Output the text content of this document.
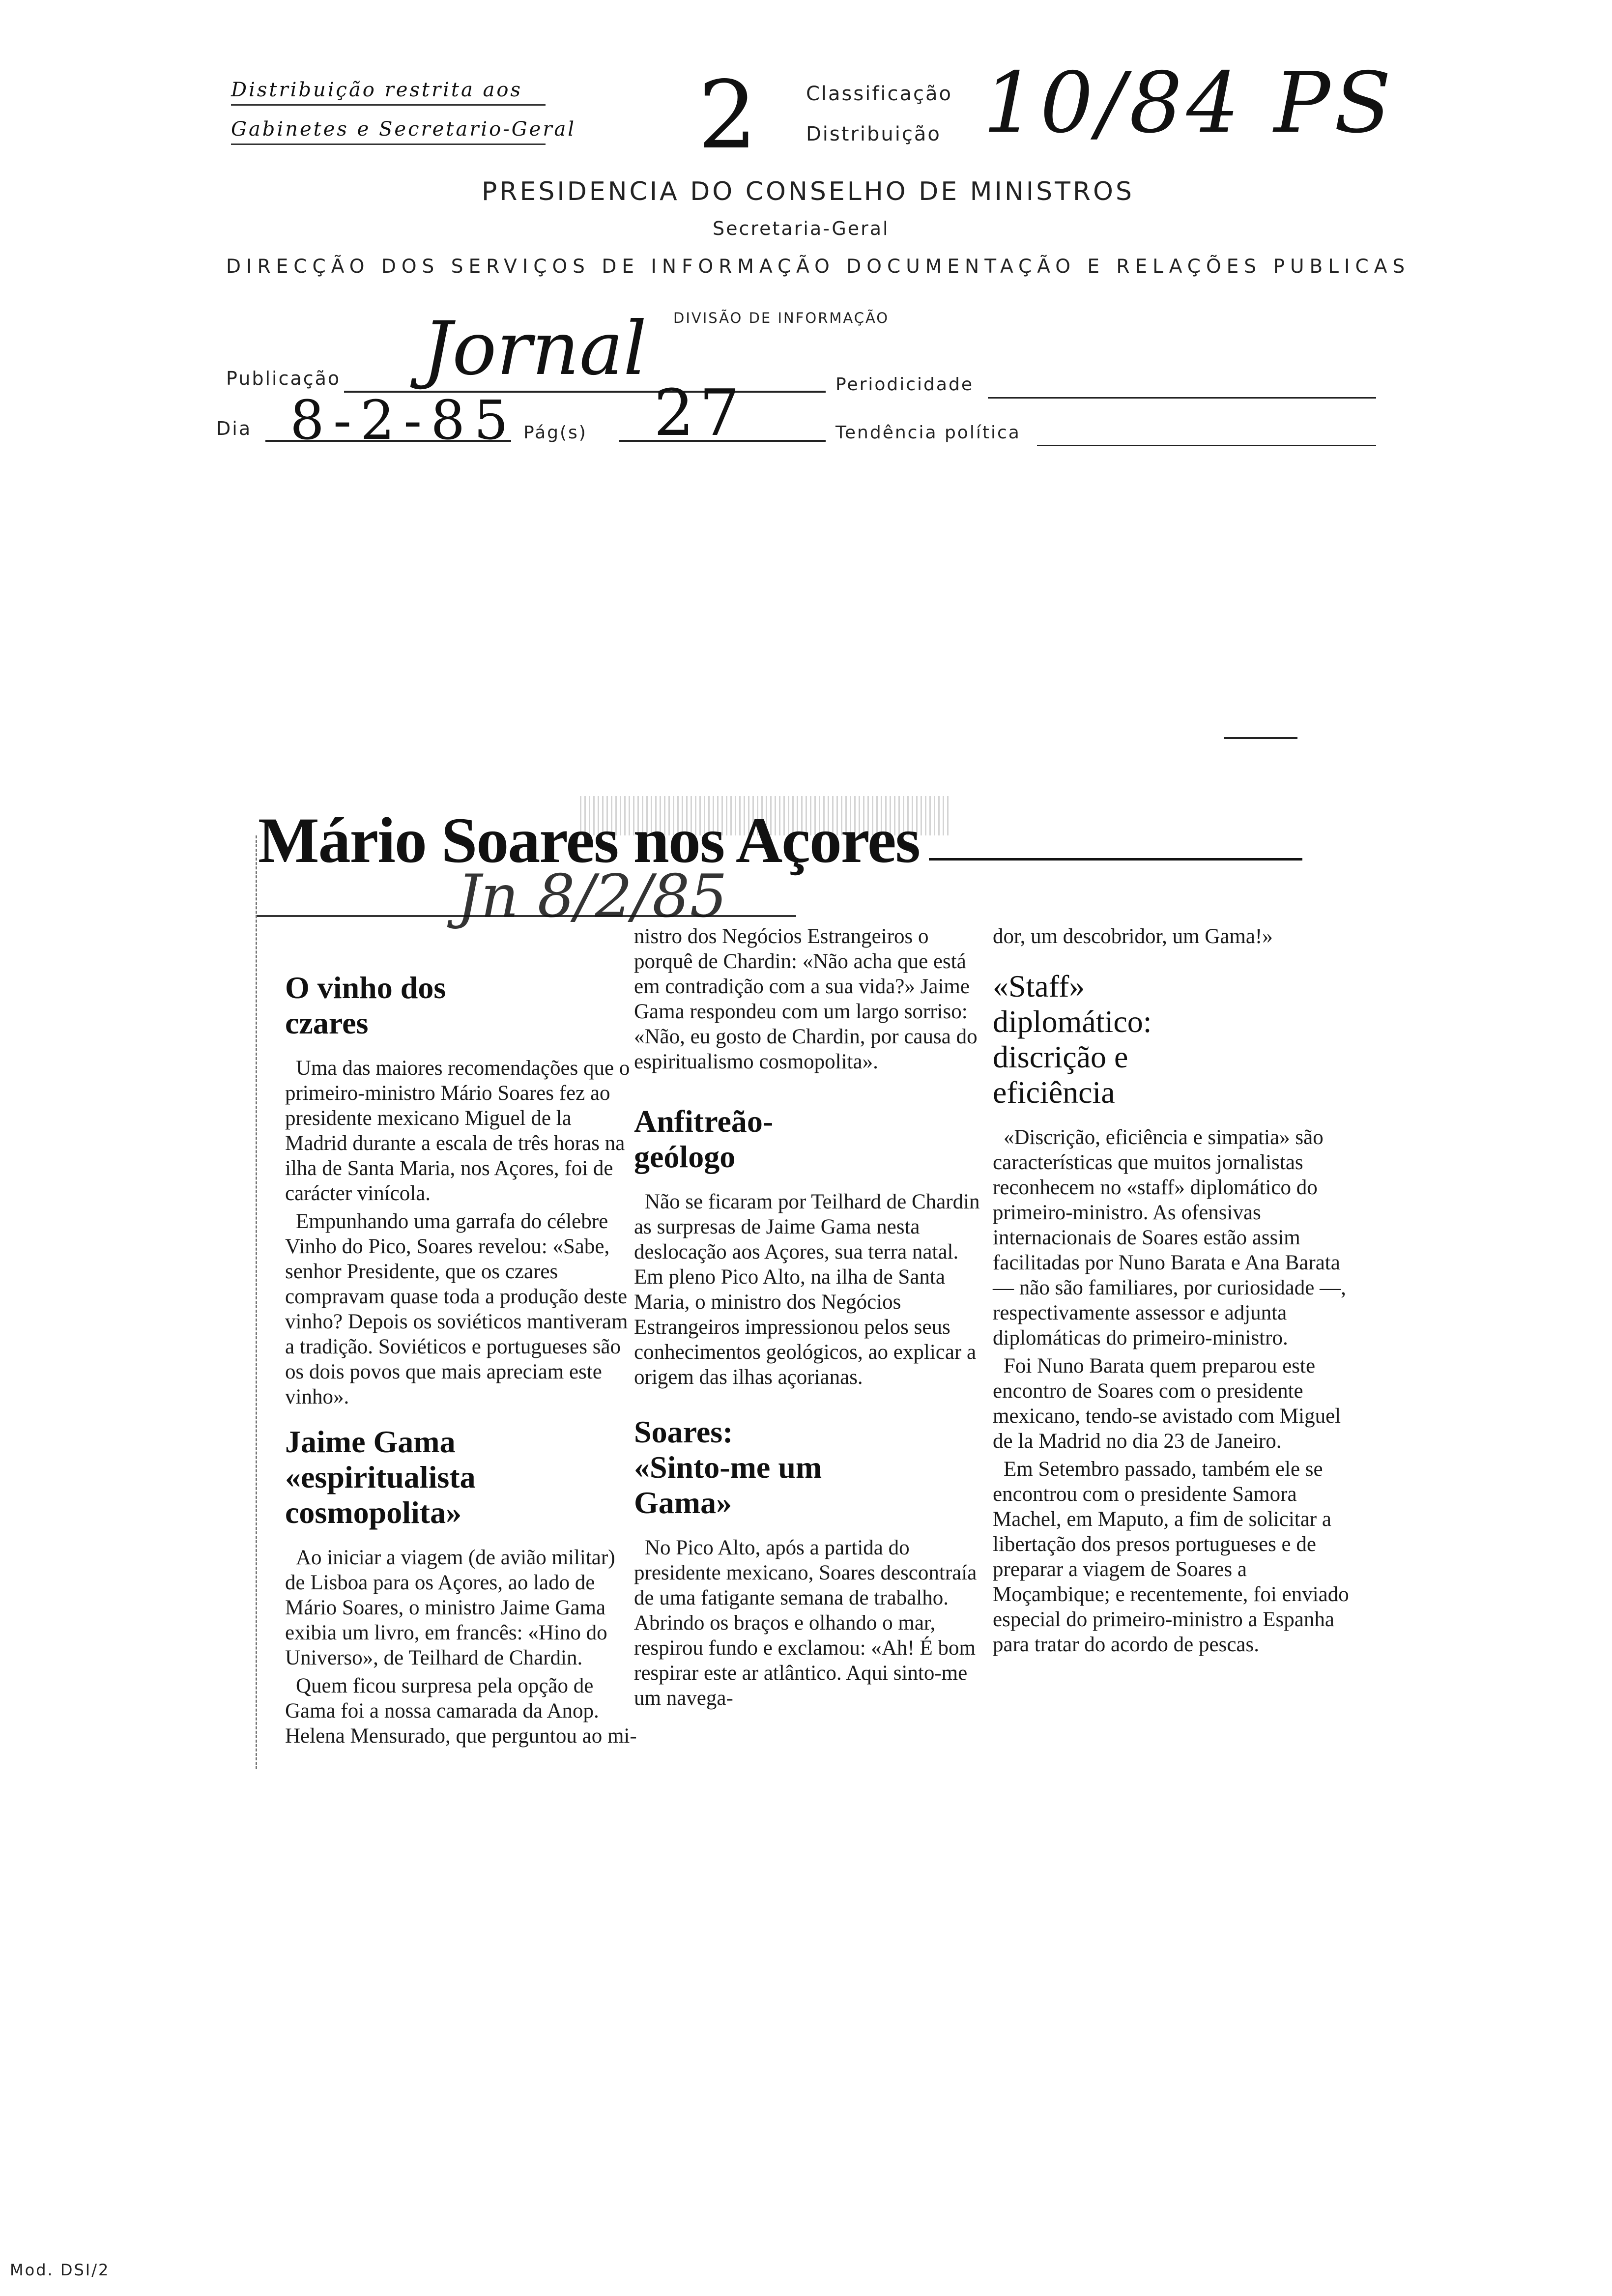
Distribuição restrita aos
Gabinetes e Secretario-Geral 2 Classificação
Distribuição 10/84 PS
PRESIDENCIA DO CONSELHO DE MINISTROS
Secretaria-Geral
DIRECÇÃO DOS SERVIÇOS DE INFORMAÇÃO DOCUMENTAÇÃO E RELAÇÕES PUBLICAS
DIVISÃO DE INFORMAÇÃO
Publicação Jornal	Periodicidade
Dia 8-2-85 Pág(s) 27	Tendência política
Mário Soares nos Açores
Jn 8/2/85
O vinho dos czares

Uma das maiores recomendações que o primeiro-ministro Mário Soares fez ao presidente mexicano Miguel de la Madrid durante a escala de três horas na ilha de Santa Maria, nos Açores, foi de carácter vinícola.

Empunhando uma garrafa do célebre Vinho do Pico, Soares revelou: «Sabe, senhor Presidente, que os czares compravam quase toda a produção deste vinho? Depois os soviéticos mantiveram a tradição. Soviéticos e portugueses são os dois povos que mais apreciam este vinho».

Jaime Gama «espiritualista cosmopolita»

Ao iniciar a viagem (de avião militar) de Lisboa para os Açores, ao lado de Mário Soares, o ministro Jaime Gama exibia um livro, em francês: «Hino do Universo», de Teilhard de Chardin.

Quem ficou surpresa pela opção de Gama foi a nossa camarada da Anop. Helena Mensurado, que perguntou ao mi-

nistro dos Negócios Estrangeiros o porquê de Chardin: «Não acha que está em contradição com a sua vida?» Jaime Gama respondeu com um largo sorriso: «Não, eu gosto de Chardin, por causa do espiritualismo cosmopolita».

Anfitreão-geólogo

Não se ficaram por Teilhard de Chardin as surpresas de Jaime Gama nesta deslocação aos Açores, sua terra natal. Em pleno Pico Alto, na ilha de Santa Maria, o ministro dos Negócios Estrangeiros impressionou pelos seus conhecimentos geológicos, ao explicar a origem das ilhas açorianas.

Soares: «Sinto-me um Gama»

No Pico Alto, após a partida do presidente mexicano, Soares descontraía de uma fatigante semana de trabalho. Abrindo os braços e olhando o mar, respirou fundo e exclamou: «Ah! É bom respirar este ar atlântico. Aqui sinto-me um navega-

dor, um descobridor, um Gama!»

«Staff» diplomático: discrição e eficiência

«Discrição, eficiência e simpatia» são características que muitos jornalistas reconhecem no «staff» diplomático do primeiro-ministro. As ofensivas internacionais de Soares estão assim facilitadas por Nuno Barata e Ana Barata — não são familiares, por curiosidade —, respectivamente assessor e adjunta diplomáticas do primeiro-ministro.

Foi Nuno Barata quem preparou este encontro de Soares com o presidente mexicano, tendo-se avistado com Miguel de la Madrid no dia 23 de Janeiro.

Em Setembro passado, também ele se encontrou com o presidente Samora Machel, em Maputo, a fim de solicitar a libertação dos presos portugueses e de preparar a viagem de Soares a Moçambique; e recentemente, foi enviado especial do primeiro-ministro a Espanha para tratar do acordo de pescas.

Mod. DSI/2
